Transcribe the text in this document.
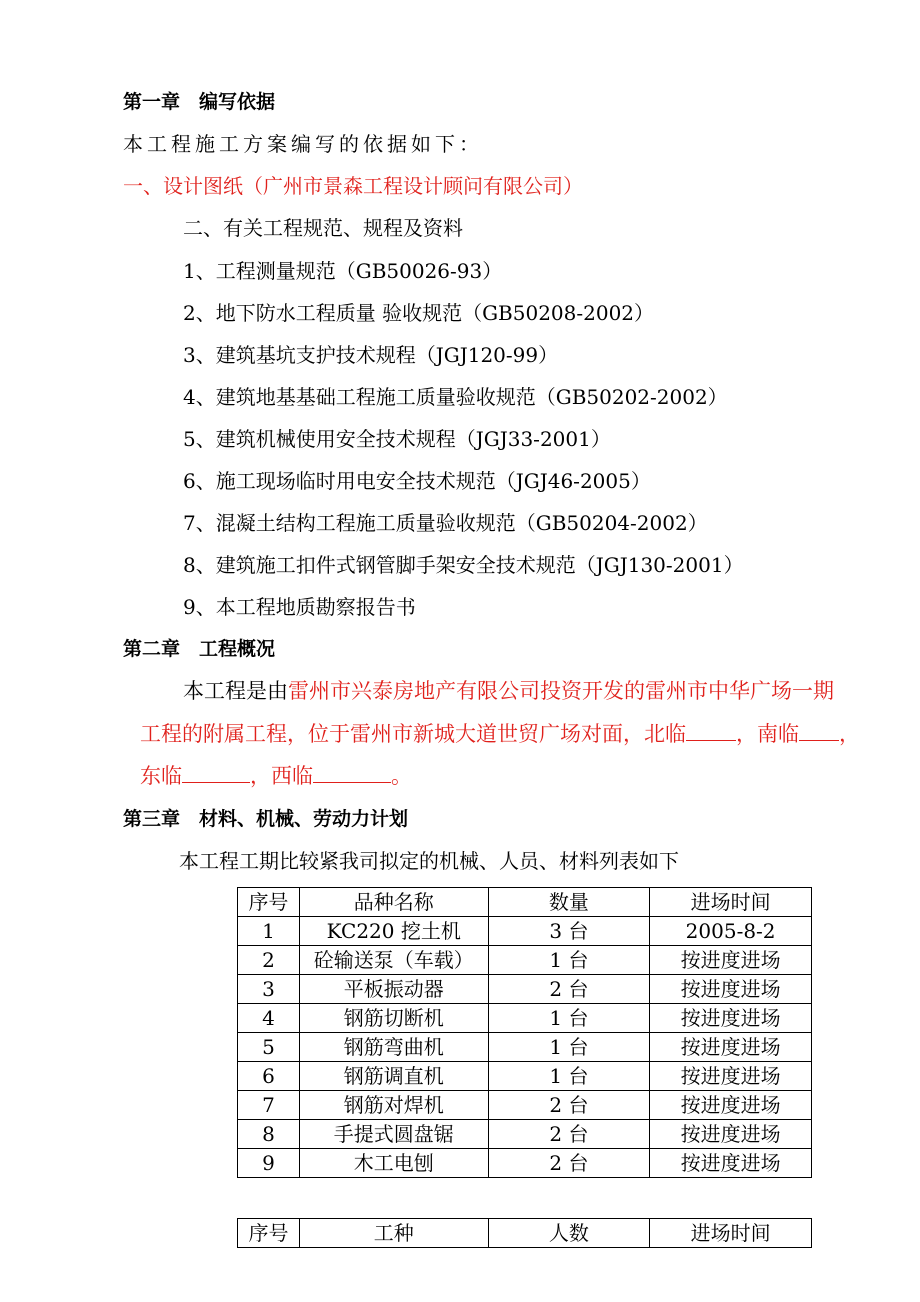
第一章　编写依据
本工程施工方案编写的依据如下：
一、设计图纸（广州市景森工程设计顾问有限公司）
二、有关工程规范、规程及资料
1、工程测量规范（GB50026-93）
2、地下防水工程质量 验收规范（GB50208-2002）
3、建筑基坑支护技术规程（JGJ120-99）
4、建筑地基基础工程施工质量验收规范（GB50202-2002）
5、建筑机械使用安全技术规程（JGJ33-2001）
6、施工现场临时用电安全技术规范（JGJ46-2005）
7、混凝土结构工程施工质量验收规范（GB50204-2002）
8、建筑施工扣件式钢管脚手架安全技术规范（JGJ130-2001）
9、本工程地质勘察报告书
第二章　工程概况
本工程是由雷州市兴泰房地产有限公司投资开发的雷州市中华广场一期
工程的附属工程，位于雷州市新城大道世贸广场对面，北临 ，南临 ，
东临	，西临	。
第三章　材料、机械、劳动力计划
本工程工期比较紧我司拟定的机械、人员、材料列表如下
序号	品种名称	数量	进场时间
1	KC220 挖土机	3 台	2005-8-2
2	砼输送泵（车载）	1 台	按进度进场
3	平板振动器	2 台	按进度进场
4	钢筋切断机	1 台	按进度进场
5	钢筋弯曲机	1 台	按进度进场
6	钢筋调直机	1 台	按进度进场
7	钢筋对焊机	2 台	按进度进场
8	手提式圆盘锯	2 台	按进度进场
9	木工电刨	2 台	按进度进场
序号	工种	人数	进场时间
